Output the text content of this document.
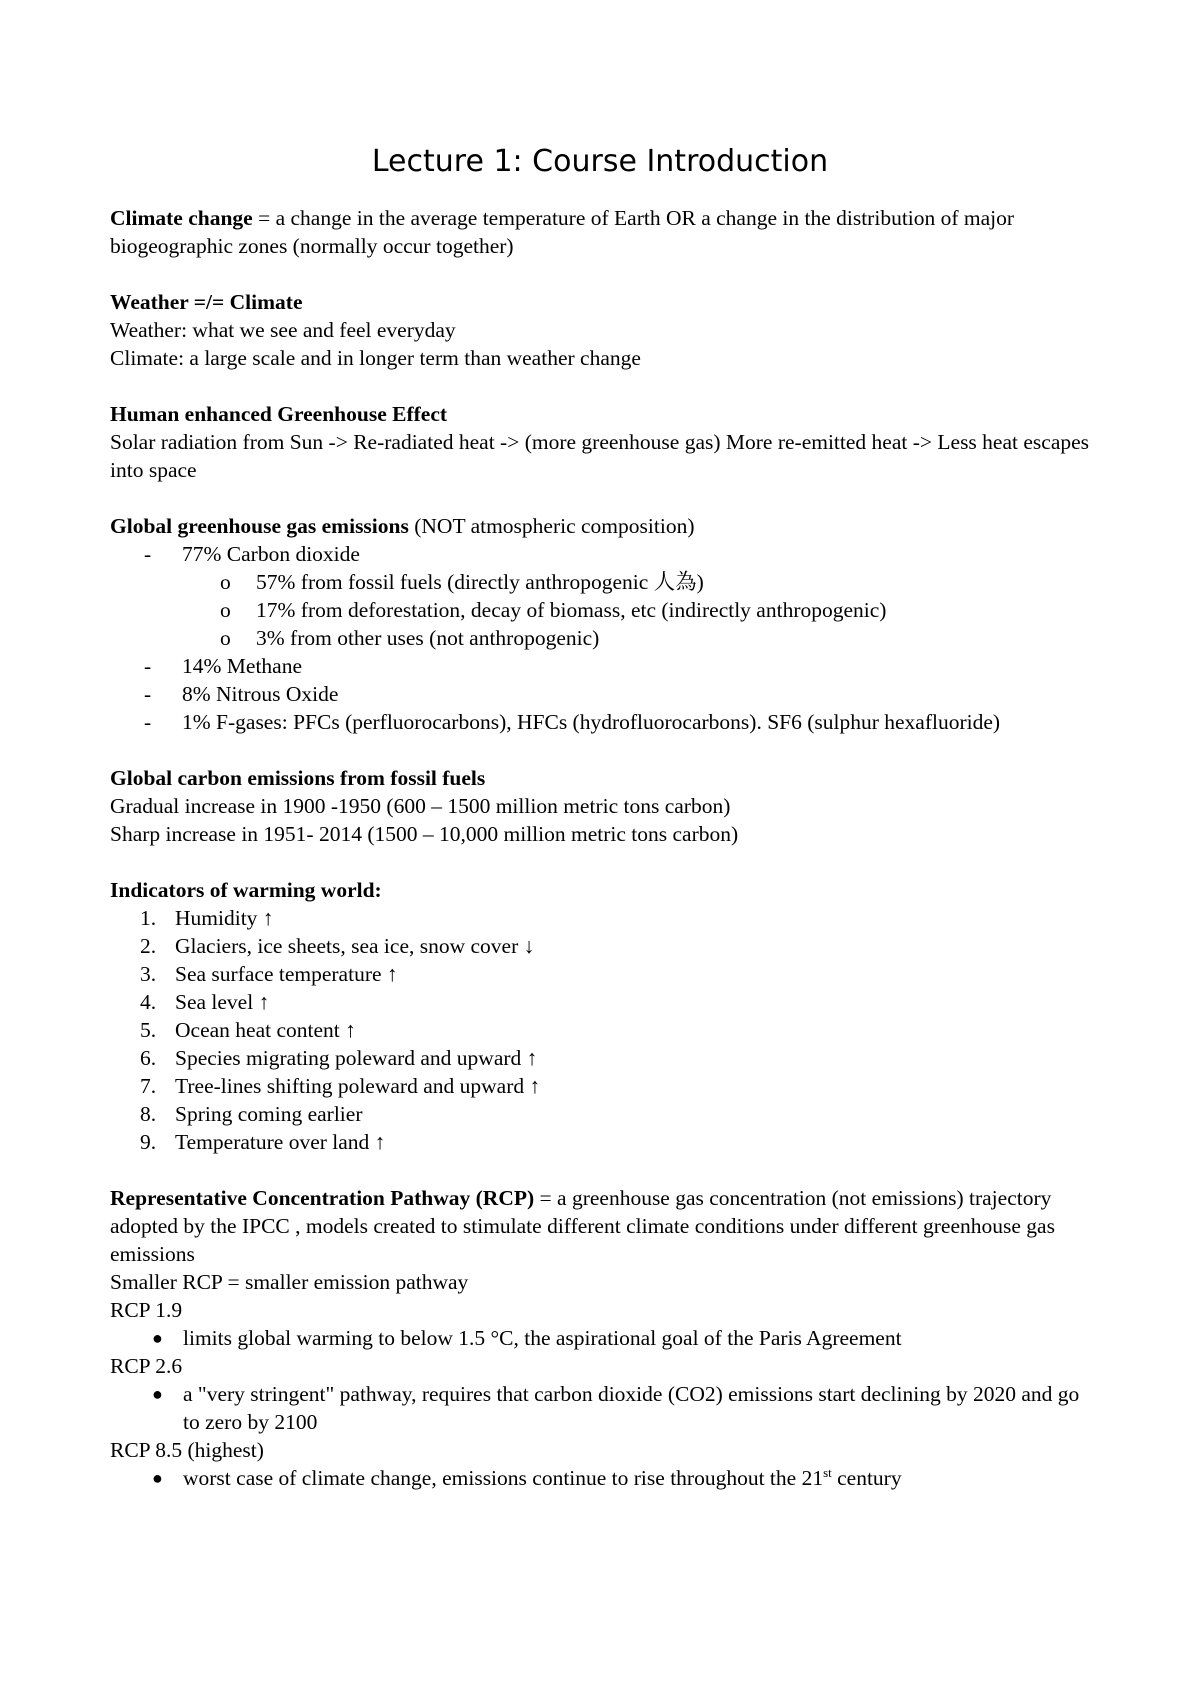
Lecture 1: Course Introduction

Climate change = a change in the average temperature of Earth OR a change in the distribution of major biogeographic zones (normally occur together)

Weather =/= Climate

Weather: what we see and feel everyday

Climate: a large scale and in longer term than weather change

Human enhanced Greenhouse Effect

Solar radiation from Sun -> Re-radiated heat -> (more greenhouse gas) More re-emitted heat -> Less heat escapes into space

Global greenhouse gas emissions (NOT atmospheric composition)

- 77% Carbon dioxide
o 57% from fossil fuels (directly anthropogenic 人為)
o 17% from deforestation, decay of biomass, etc (indirectly anthropogenic)
o 3% from other uses (not anthropogenic)
- 14% Methane
- 8% Nitrous Oxide
- 1% F-gases: PFCs (perfluorocarbons), HFCs (hydrofluorocarbons). SF6 (sulphur hexafluoride)

Global carbon emissions from fossil fuels

Gradual increase in 1900 -1950 (600 – 1500 million metric tons carbon)

Sharp increase in 1951- 2014 (1500 – 10,000 million metric tons carbon)

Indicators of warming world:

1. Humidity ↑
2. Glaciers, ice sheets, sea ice, snow cover ↓
3. Sea surface temperature ↑
4. Sea level ↑
5. Ocean heat content ↑
6. Species migrating poleward and upward ↑
7. Tree-lines shifting poleward and upward ↑
8. Spring coming earlier
9. Temperature over land ↑

Representative Concentration Pathway (RCP) = a greenhouse gas concentration (not emissions) trajectory adopted by the IPCC , models created to stimulate different climate conditions under different greenhouse gas emissions

Smaller RCP = smaller emission pathway

RCP 1.9

● limits global warming to below 1.5 °C, the aspirational goal of the Paris Agreement

RCP 2.6

● a "very stringent" pathway, requires that carbon dioxide (CO2) emissions start declining by 2020 and go to zero by 2100

RCP 8.5 (highest)

● worst case of climate change, emissions continue to rise throughout the 21st century
